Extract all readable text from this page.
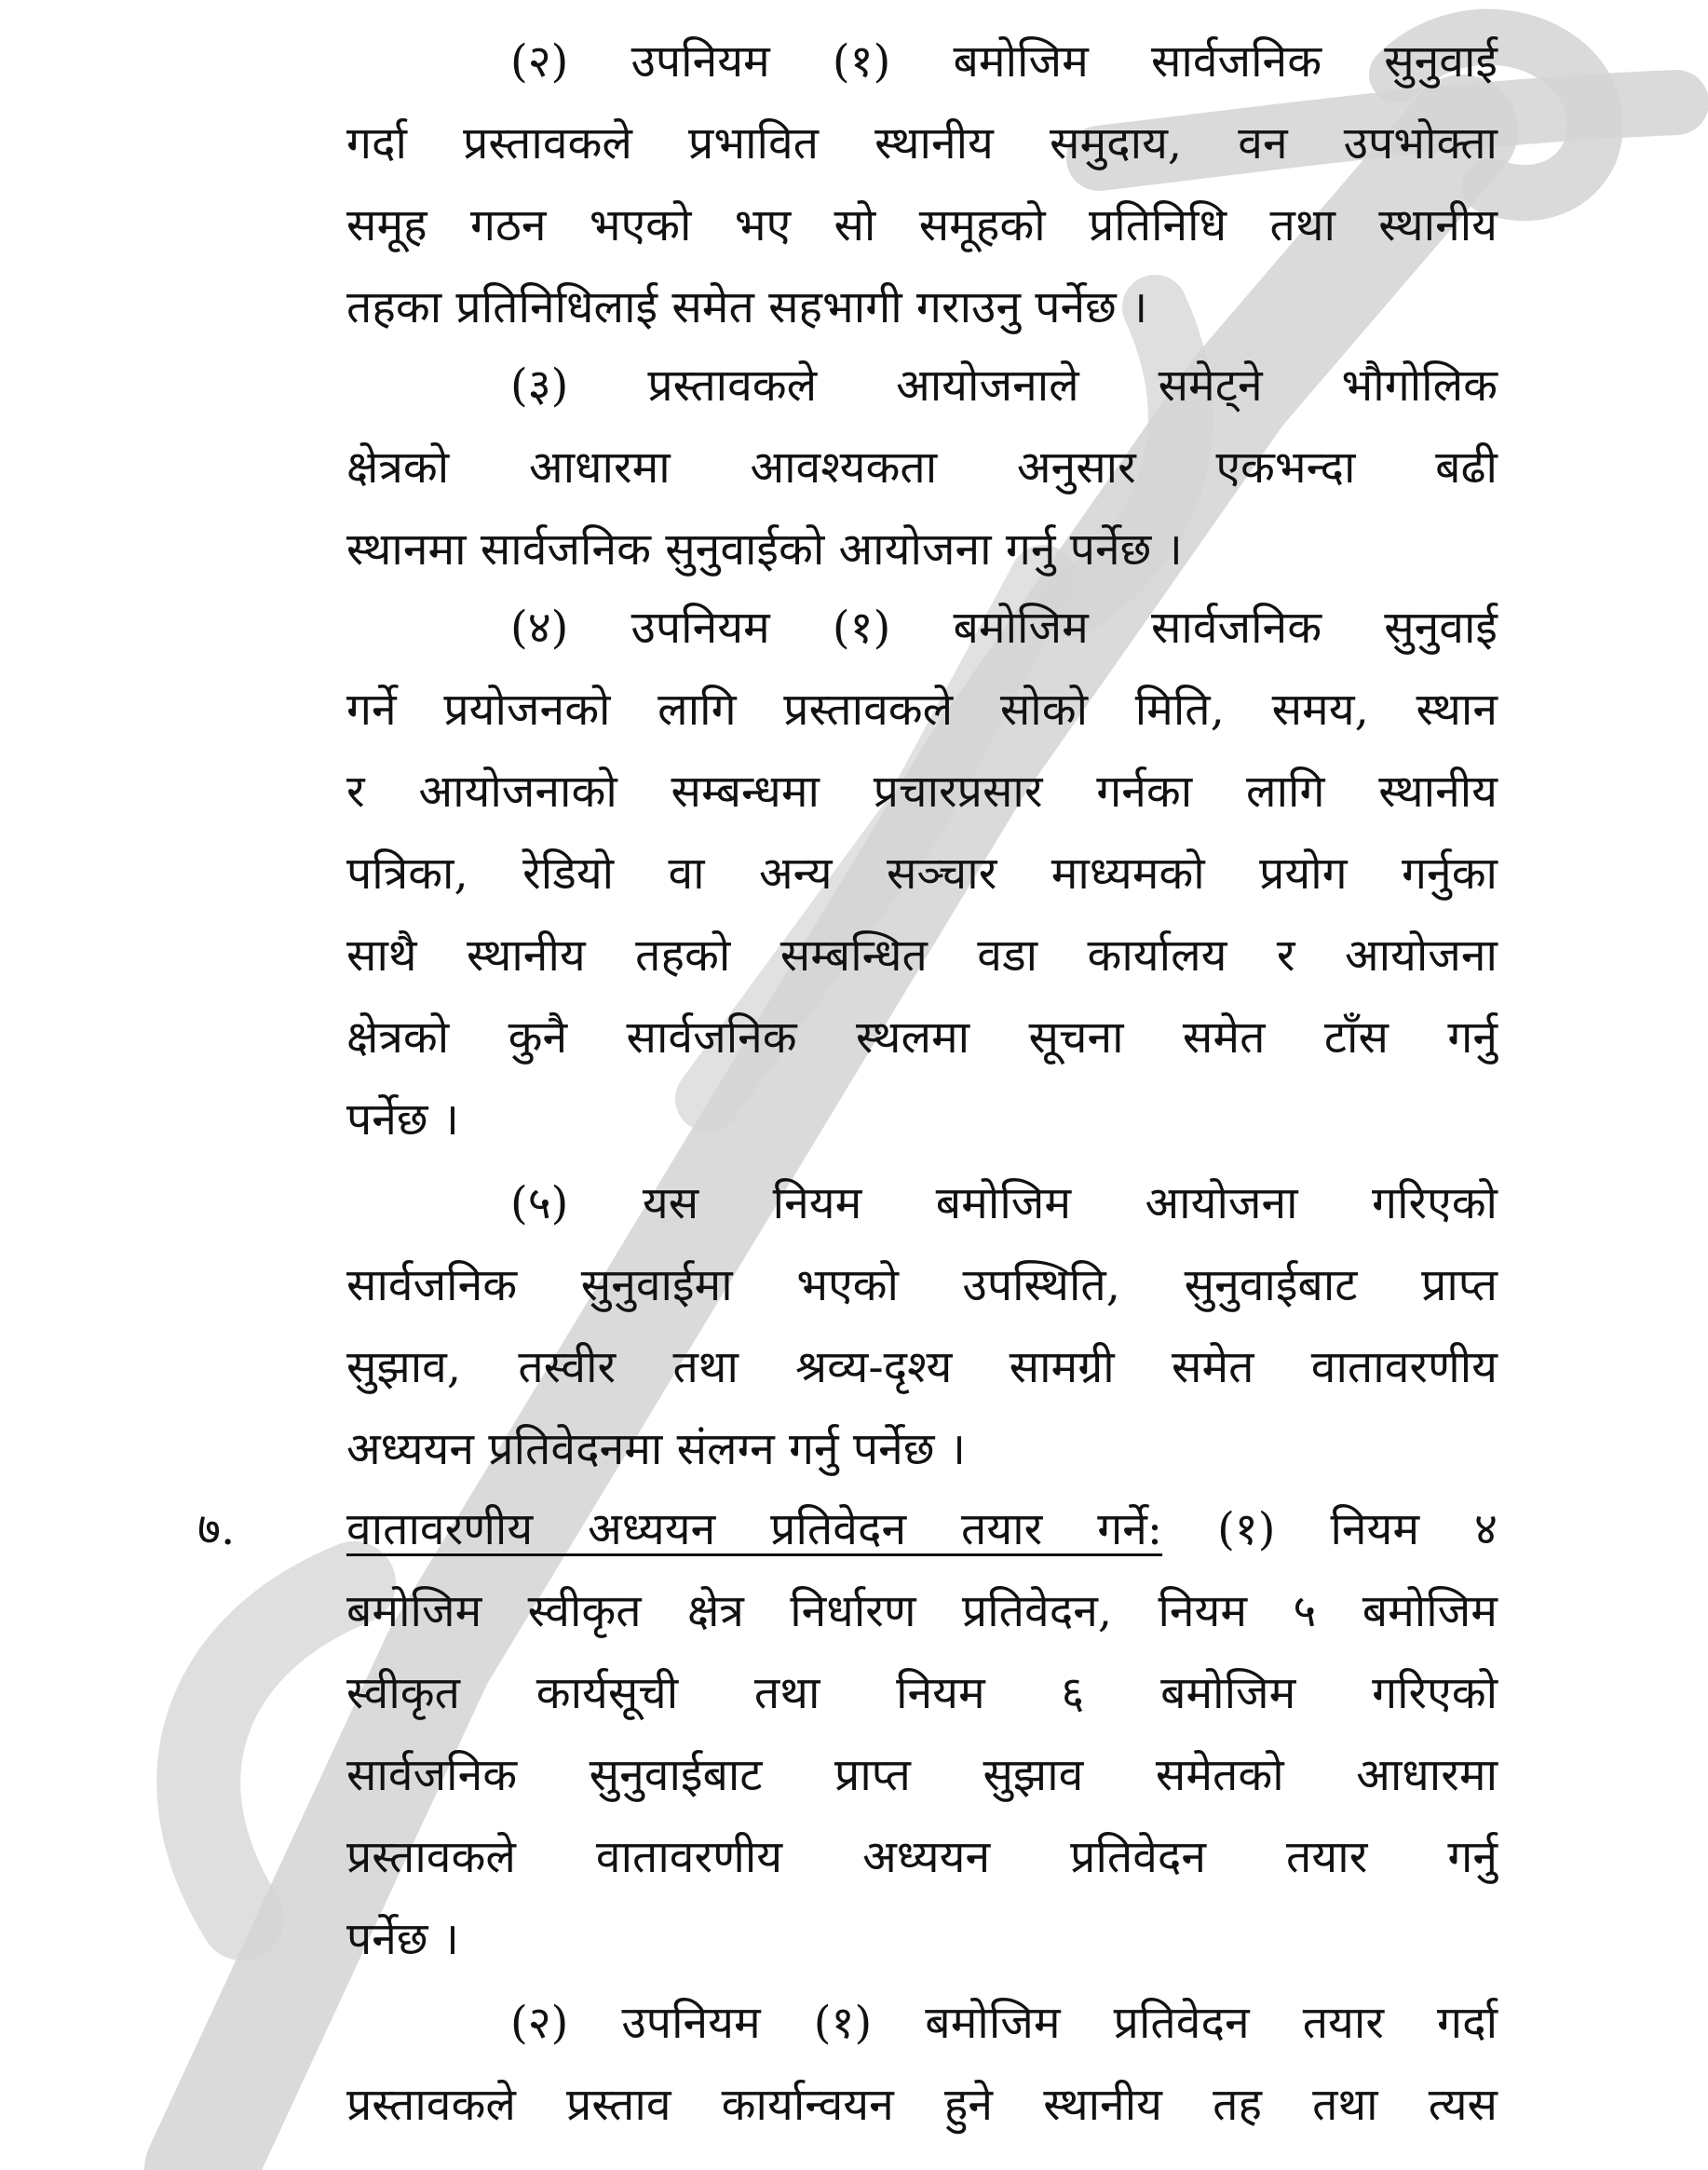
(२) उपनियम (१) बमोजिम सार्वजनिक सुनुवाई
गर्दा प्रस्तावकले प्रभावित स्थानीय समुदाय, वन उपभोक्ता
समूह गठन भएको भए सो समूहको प्रतिनिधि तथा स्थानीय
तहका प्रतिनिधिलाई समेत सहभागी गराउनु पर्नेछ ।
(३) प्रस्तावकले आयोजनाले समेट्ने भौगोलिक
क्षेत्रको आधारमा आवश्यकता अनुसार एकभन्दा बढी
स्थानमा सार्वजनिक सुनुवाईको आयोजना गर्नु पर्नेछ ।
(४) उपनियम (१) बमोजिम सार्वजनिक सुनुवाई
गर्ने प्रयोजनको लागि प्रस्तावकले सोको मिति, समय, स्थान
र आयोजनाको सम्बन्धमा प्रचारप्रसार गर्नका लागि स्थानीय
पत्रिका, रेडियो वा अन्य सञ्चार माध्यमको प्रयोग गर्नुका
साथै स्थानीय तहको सम्बन्धित वडा कार्यालय र आयोजना
क्षेत्रको कुनै सार्वजनिक स्थलमा सूचना समेत टाँस गर्नु
पर्नेछ ।
(५) यस नियम बमोजिम आयोजना गरिएको
सार्वजनिक सुनुवाईमा भएको उपस्थिति, सुनुवाईबाट प्राप्त
सुझाव, तस्वीर तथा श्रव्य-दृश्य सामग्री समेत वातावरणीय
अध्ययन प्रतिवेदनमा संलग्न गर्नु पर्नेछ ।
७. वातावरणीय अध्ययन प्रतिवेदन तयार गर्ने: (१) नियम ४
बमोजिम स्वीकृत क्षेत्र निर्धारण प्रतिवेदन, नियम ५ बमोजिम
स्वीकृत कार्यसूची तथा नियम ६ बमोजिम गरिएको
सार्वजनिक सुनुवाईबाट प्राप्त सुझाव समेतको आधारमा
प्रस्तावकले वातावरणीय अध्ययन प्रतिवेदन तयार गर्नु
पर्नेछ ।
(२) उपनियम (१) बमोजिम प्रतिवेदन तयार गर्दा
प्रस्तावकले प्रस्ताव कार्यान्वयन हुने स्थानीय तह तथा त्यस
